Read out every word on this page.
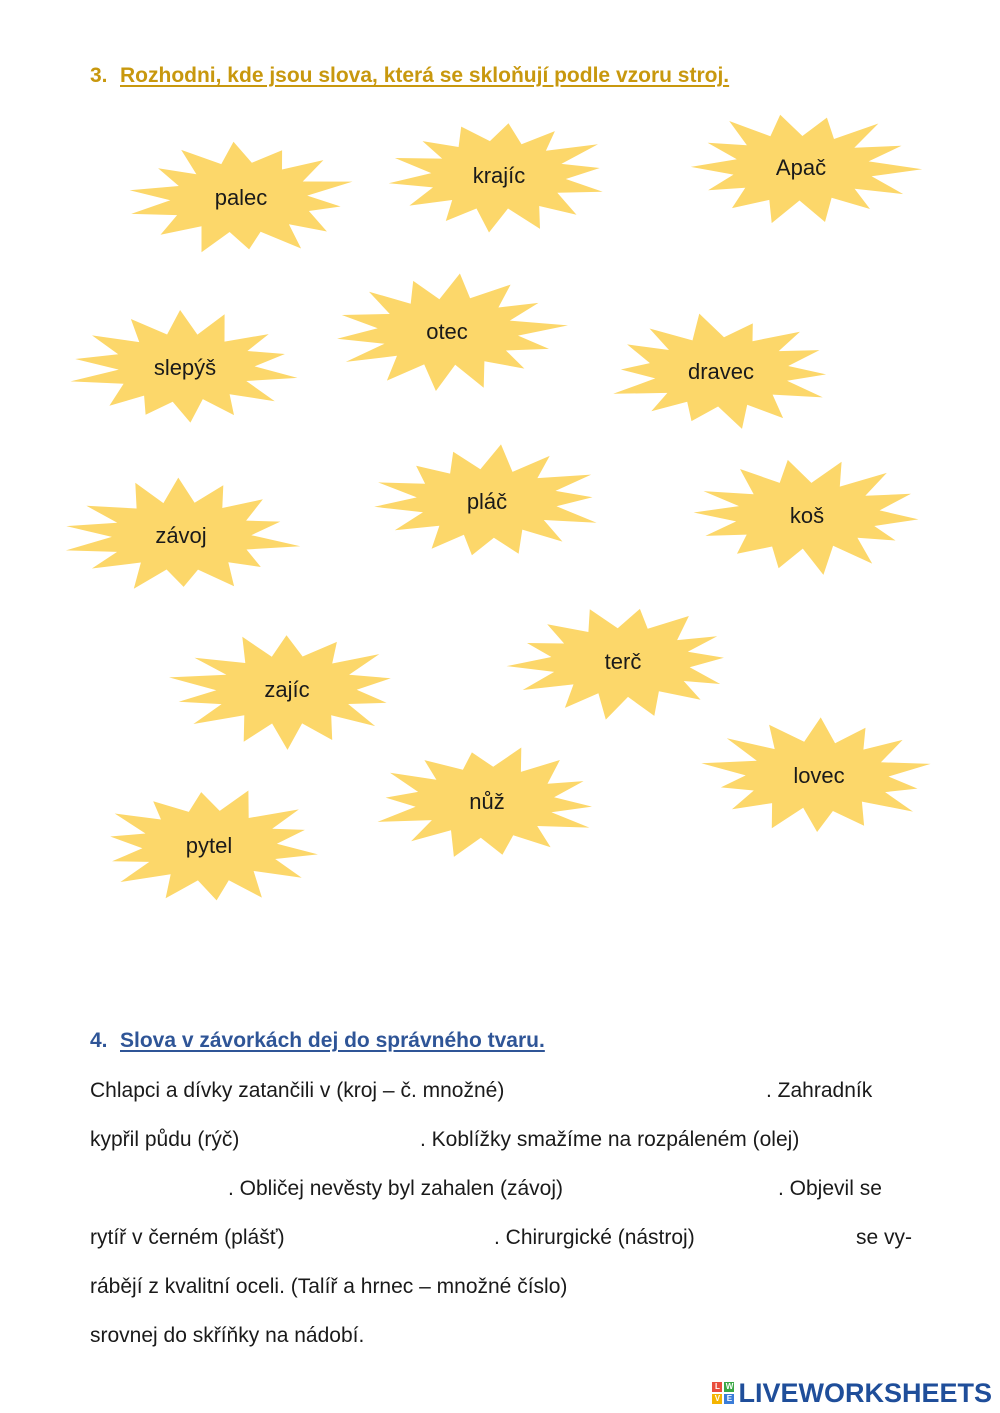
3. Rozhodni, kde jsou slova, která se skloňují podle vzoru stroj.
palec
krajíc	Apač
slepýš
otec
dravec
závoj
pláč
koš
zajíc
terč
nůž
lovec
pytel
4. Slova v závorkách dej do správného tvaru.
Chlapci a dívky zatančili v (kroj – č. množné)	. Zahradník
kypřil půdu (rýč)	. Koblížky smažíme na rozpáleném (olej)
. Obličej nevěsty byl zahalen (závoj)	. Objevil se
rytíř v černém (plášť)	. Chirurgické (nástroj)	se vy-
rábějí z kvalitní oceli. (Talíř a hrnec – množné číslo)
srovnej do skříňky na nádobí.
L W
V E LIVEWORKSHEETS
